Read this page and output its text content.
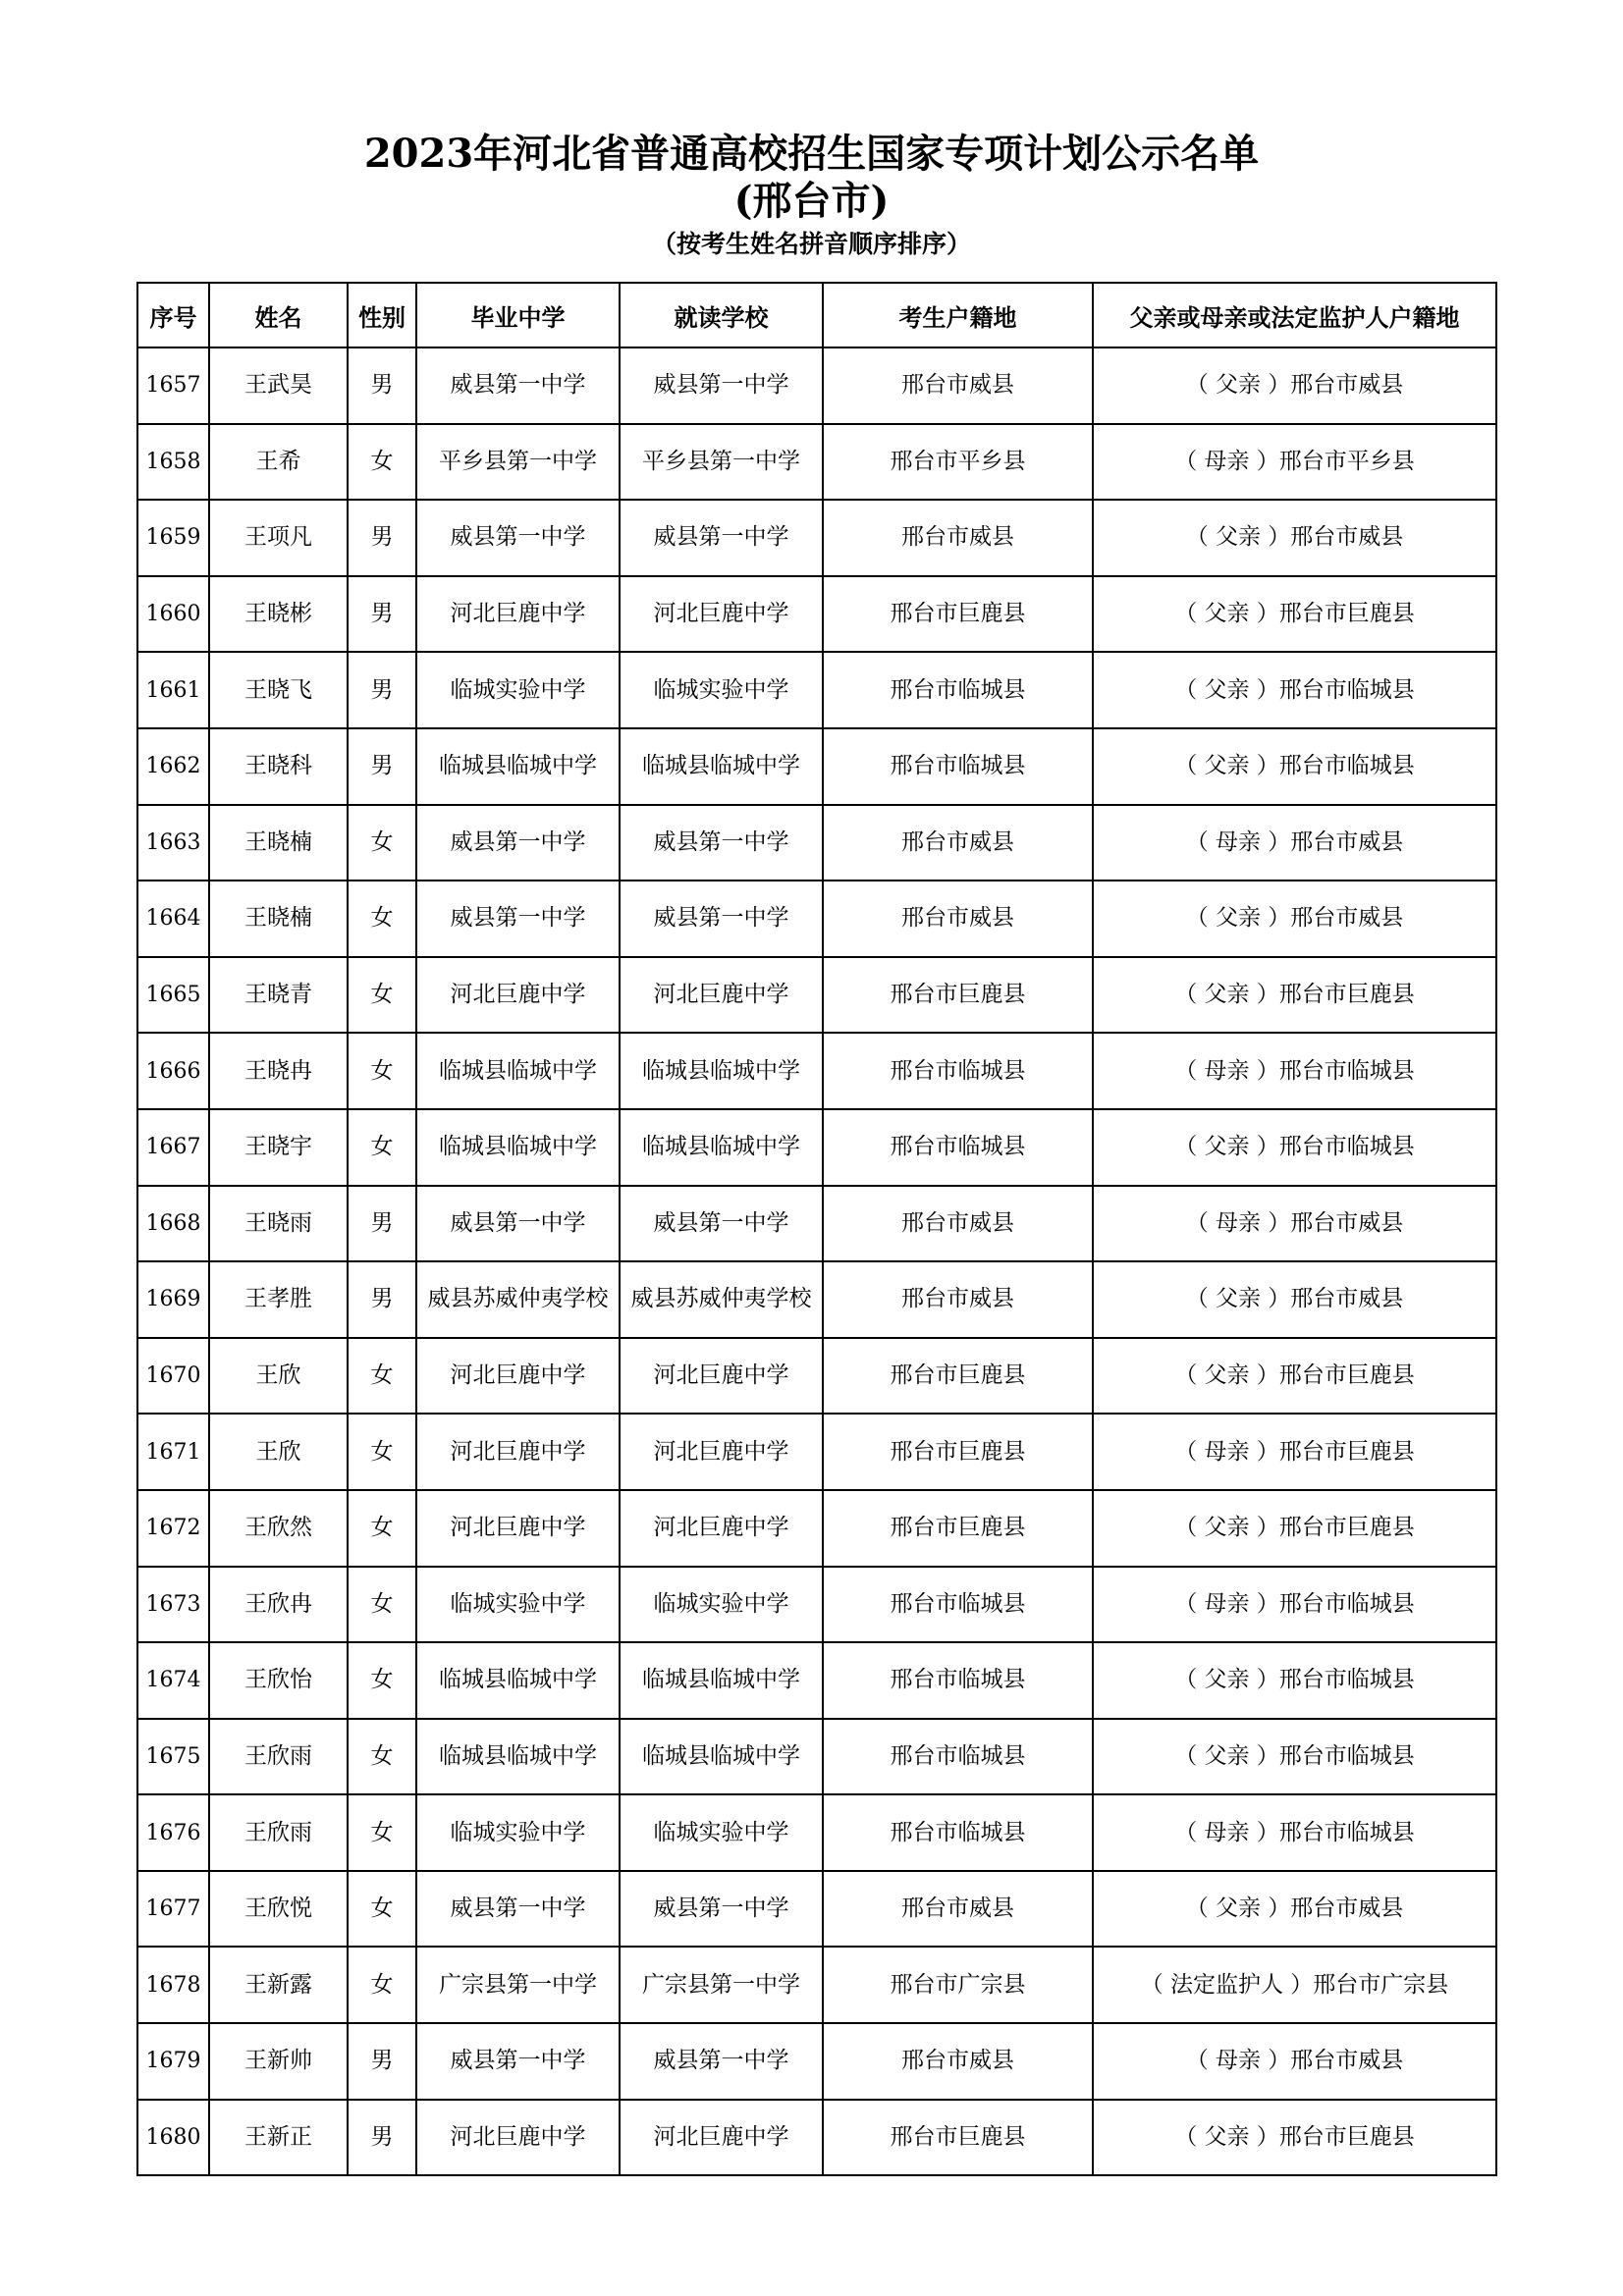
2023年河北省普通高校招生国家专项计划公示名单
(邢台市)
（按考生姓名拼音顺序排序）
序号	姓名	性别	毕业中学	就读学校	考生户籍地	父亲或母亲或法定监护人户籍地
1657	王武昊	男	威县第一中学	威县第一中学	邢台市威县	（ 父亲 ）邢台市威县
1658	王希	女	平乡县第一中学	平乡县第一中学	邢台市平乡县	（ 母亲 ）邢台市平乡县
1659	王项凡	男	威县第一中学	威县第一中学	邢台市威县	（ 父亲 ）邢台市威县
1660	王晓彬	男	河北巨鹿中学	河北巨鹿中学	邢台市巨鹿县	（ 父亲 ）邢台市巨鹿县
1661	王晓飞	男	临城实验中学	临城实验中学	邢台市临城县	（ 父亲 ）邢台市临城县
1662	王晓科	男	临城县临城中学	临城县临城中学	邢台市临城县	（ 父亲 ）邢台市临城县
1663	王晓楠	女	威县第一中学	威县第一中学	邢台市威县	（ 母亲 ）邢台市威县
1664	王晓楠	女	威县第一中学	威县第一中学	邢台市威县	（ 父亲 ）邢台市威县
1665	王晓青	女	河北巨鹿中学	河北巨鹿中学	邢台市巨鹿县	（ 父亲 ）邢台市巨鹿县
1666	王晓冉	女	临城县临城中学	临城县临城中学	邢台市临城县	（ 母亲 ）邢台市临城县
1667	王晓宇	女	临城县临城中学	临城县临城中学	邢台市临城县	（ 父亲 ）邢台市临城县
1668	王晓雨	男	威县第一中学	威县第一中学	邢台市威县	（ 母亲 ）邢台市威县
1669	王孝胜	男	威县苏威仲夷学校	威县苏威仲夷学校	邢台市威县	（ 父亲 ）邢台市威县
1670	王欣	女	河北巨鹿中学	河北巨鹿中学	邢台市巨鹿县	（ 父亲 ）邢台市巨鹿县
1671	王欣	女	河北巨鹿中学	河北巨鹿中学	邢台市巨鹿县	（ 母亲 ）邢台市巨鹿县
1672	王欣然	女	河北巨鹿中学	河北巨鹿中学	邢台市巨鹿县	（ 父亲 ）邢台市巨鹿县
1673	王欣冉	女	临城实验中学	临城实验中学	邢台市临城县	（ 母亲 ）邢台市临城县
1674	王欣怡	女	临城县临城中学	临城县临城中学	邢台市临城县	（ 父亲 ）邢台市临城县
1675	王欣雨	女	临城县临城中学	临城县临城中学	邢台市临城县	（ 父亲 ）邢台市临城县
1676	王欣雨	女	临城实验中学	临城实验中学	邢台市临城县	（ 母亲 ）邢台市临城县
1677	王欣悦	女	威县第一中学	威县第一中学	邢台市威县	（ 父亲 ）邢台市威县
1678	王新露	女	广宗县第一中学	广宗县第一中学	邢台市广宗县	（ 法定监护人 ）邢台市广宗县
1679	王新帅	男	威县第一中学	威县第一中学	邢台市威县	（ 母亲 ）邢台市威县
1680	王新正	男	河北巨鹿中学	河北巨鹿中学	邢台市巨鹿县	（ 父亲 ）邢台市巨鹿县
